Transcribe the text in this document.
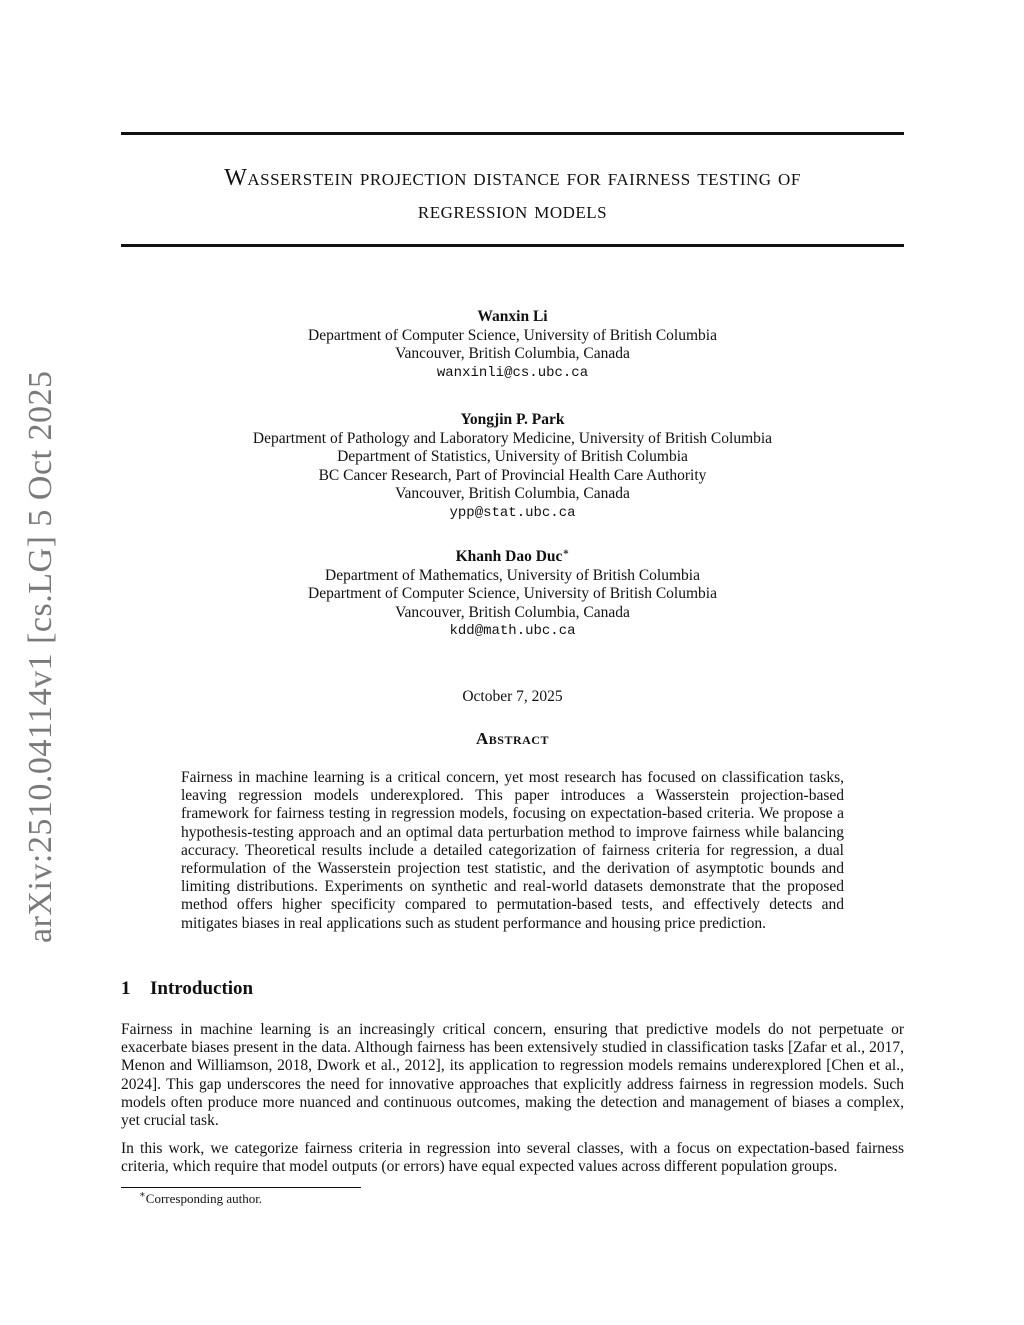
arXiv:2510.04114v1 [cs.LG] 5 Oct 2025
Wasserstein projection distance for fairness testing of
regression models
Wanxin Li
Department of Computer Science, University of British Columbia
Vancouver, British Columbia, Canada
wanxinli@cs.ubc.ca
Yongjin P. Park
Department of Pathology and Laboratory Medicine, University of British Columbia
Department of Statistics, University of British Columbia
BC Cancer Research, Part of Provincial Health Care Authority
Vancouver, British Columbia, Canada
ypp@stat.ubc.ca
Khanh Dao Duc∗
Department of Mathematics, University of British Columbia
Department of Computer Science, University of British Columbia
Vancouver, British Columbia, Canada
kdd@math.ubc.ca
October 7, 2025
Abstract
Fairness in machine learning is a critical concern, yet most research has focused on classification tasks, leaving regression models underexplored. This paper introduces a Wasserstein projection-based framework for fairness testing in regression models, focusing on expectation-based criteria. We propose a hypothesis-testing approach and an optimal data perturbation method to improve fairness while balancing accuracy. Theoretical results include a detailed categorization of fairness criteria for regression, a dual reformulation of the Wasserstein projection test statistic, and the derivation of asymptotic bounds and limiting distributions. Experiments on synthetic and real-world datasets demonstrate that the proposed method offers higher specificity compared to permutation-based tests, and effectively detects and mitigates biases in real applications such as student performance and housing price prediction.
1 Introduction
Fairness in machine learning is an increasingly critical concern, ensuring that predictive models do not perpetuate or exacerbate biases present in the data. Although fairness has been extensively studied in classification tasks [Zafar et al., 2017, Menon and Williamson, 2018, Dwork et al., 2012], its application to regression models remains underexplored [Chen et al., 2024]. This gap underscores the need for innovative approaches that explicitly address fairness in regression models. Such models often produce more nuanced and continuous outcomes, making the detection and management of biases a complex, yet crucial task.
In this work, we categorize fairness criteria in regression into several classes, with a focus on expectation-based fairness criteria, which require that model outputs (or errors) have equal expected values across different population groups.
∗Corresponding author.
